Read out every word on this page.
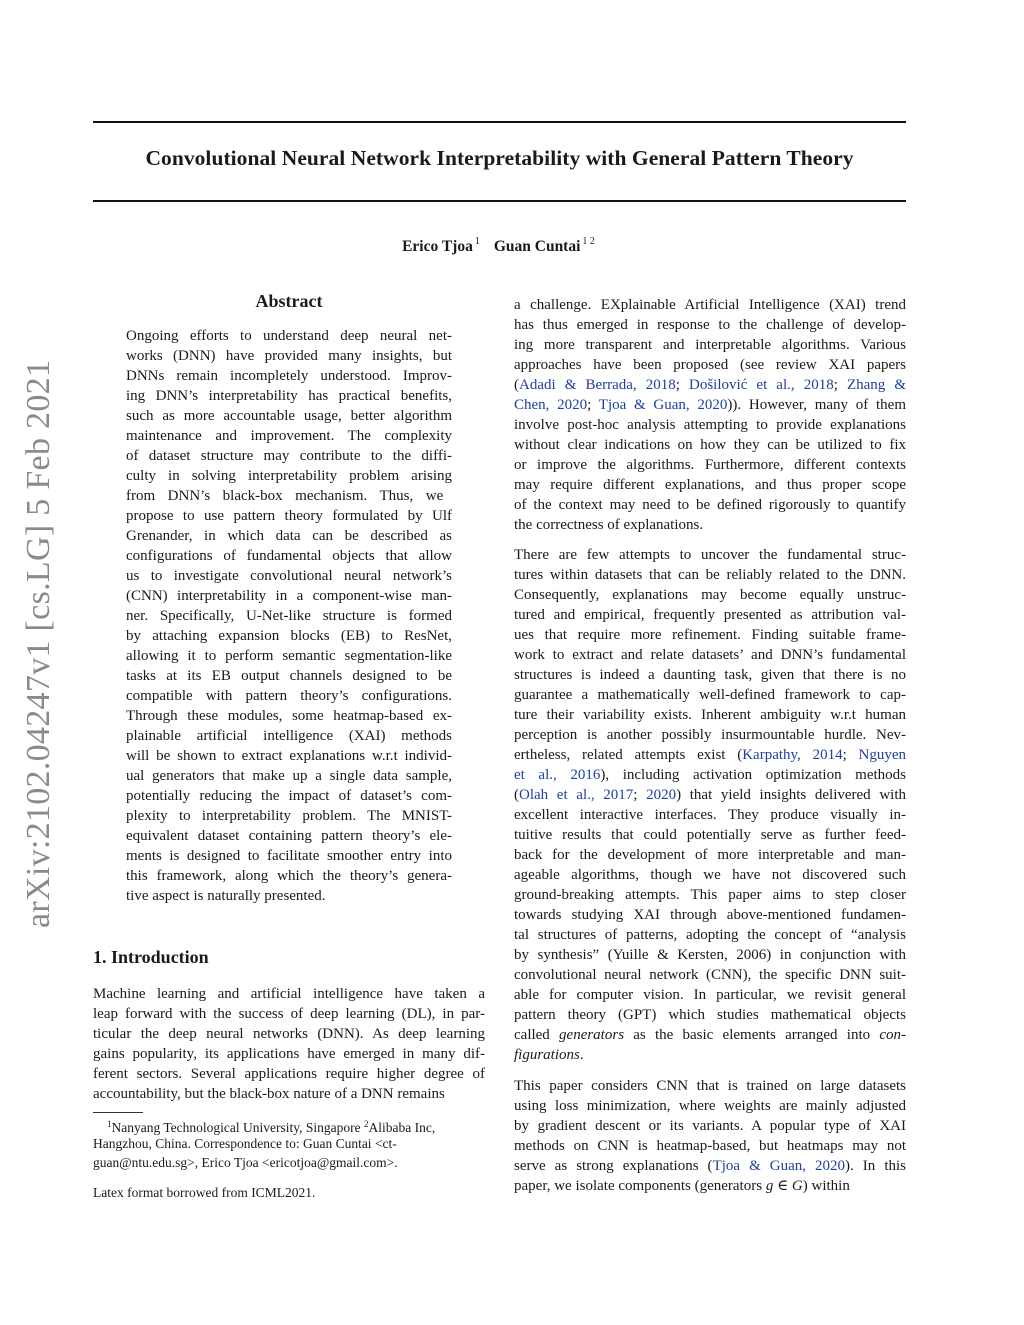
arXiv:2102.04247v1 [cs.LG] 5 Feb 2021
Convolutional Neural Network Interpretability with General Pattern Theory
Erico Tjoa $^1$ Guan Cuntai $^{1 2}$
Abstract
Ongoing efforts to understand deep neural net-
works (DNN) have provided many insights, but
DNNs remain incompletely understood. Improv-
ing DNN’s interpretability has practical benefits,
such as more accountable usage, better algorithm
maintenance and improvement. The complexity
of dataset structure may contribute to the diffi-
culty in solving interpretability problem arising
from DNN’s black-box mechanism. Thus, we
propose to use pattern theory formulated by Ulf
Grenander, in which data can be described as
configurations of fundamental objects that allow
us to investigate convolutional neural network’s
(CNN) interpretability in a component-wise man-
ner. Specifically, U-Net-like structure is formed
by attaching expansion blocks (EB) to ResNet,
allowing it to perform semantic segmentation-like
tasks at its EB output channels designed to be
compatible with pattern theory’s configurations.
Through these modules, some heatmap-based ex-
plainable artificial intelligence (XAI) methods
will be shown to extract explanations w.r.t individ-
ual generators that make up a single data sample,
potentially reducing the impact of dataset’s com-
plexity to interpretability problem. The MNIST-
equivalent dataset containing pattern theory’s ele-
ments is designed to facilitate smoother entry into
this framework, along which the theory’s genera-
tive aspect is naturally presented.
1. Introduction
Machine learning and artificial intelligence have taken a
leap forward with the success of deep learning (DL), in par-
ticular the deep neural networks (DNN). As deep learning
gains popularity, its applications have emerged in many dif-
ferent sectors. Several applications require higher degree of
accountability, but the black-box nature of a DNN remains
$^1$Nanyang Technological University, Singapore $^2$Alibaba Inc,
Hangzhou, China. Correspondence to: Guan Cuntai <ct-
guan@ntu.edu.sg>, Erico Tjoa <ericotjoa@gmail.com>.
Latex format borrowed from ICML2021.
a challenge. EXplainable Artificial Intelligence (XAI) trend
has thus emerged in response to the challenge of develop-
ing more transparent and interpretable algorithms. Various
approaches have been proposed (see review XAI papers
(Adadi & Berrada, 2018; Došilović et al., 2018; Zhang &
Chen, 2020; Tjoa & Guan, 2020)). However, many of them
involve post-hoc analysis attempting to provide explanations
without clear indications on how they can be utilized to fix
or improve the algorithms. Furthermore, different contexts
may require different explanations, and thus proper scope
of the context may need to be defined rigorously to quantify
the correctness of explanations.
There are few attempts to uncover the fundamental struc-
tures within datasets that can be reliably related to the DNN.
Consequently, explanations may become equally unstruc-
tured and empirical, frequently presented as attribution val-
ues that require more refinement. Finding suitable frame-
work to extract and relate datasets’ and DNN’s fundamental
structures is indeed a daunting task, given that there is no
guarantee a mathematically well-defined framework to cap-
ture their variability exists. Inherent ambiguity w.r.t human
perception is another possibly insurmountable hurdle. Nev-
ertheless, related attempts exist (Karpathy, 2014; Nguyen
et al., 2016), including activation optimization methods
(Olah et al., 2017; 2020) that yield insights delivered with
excellent interactive interfaces. They produce visually in-
tuitive results that could potentially serve as further feed-
back for the development of more interpretable and man-
ageable algorithms, though we have not discovered such
ground-breaking attempts. This paper aims to step closer
towards studying XAI through above-mentioned fundamen-
tal structures of patterns, adopting the concept of “analysis
by synthesis” (Yuille & Kersten, 2006) in conjunction with
convolutional neural network (CNN), the specific DNN suit-
able for computer vision. In particular, we revisit general
pattern theory (GPT) which studies mathematical objects
called generators as the basic elements arranged into con-
figurations.
This paper considers CNN that is trained on large datasets
using loss minimization, where weights are mainly adjusted
by gradient descent or its variants. A popular type of XAI
methods on CNN is heatmap-based, but heatmaps may not
serve as strong explanations (Tjoa & Guan, 2020). In this
paper, we isolate components (generators g ∈ G) within
